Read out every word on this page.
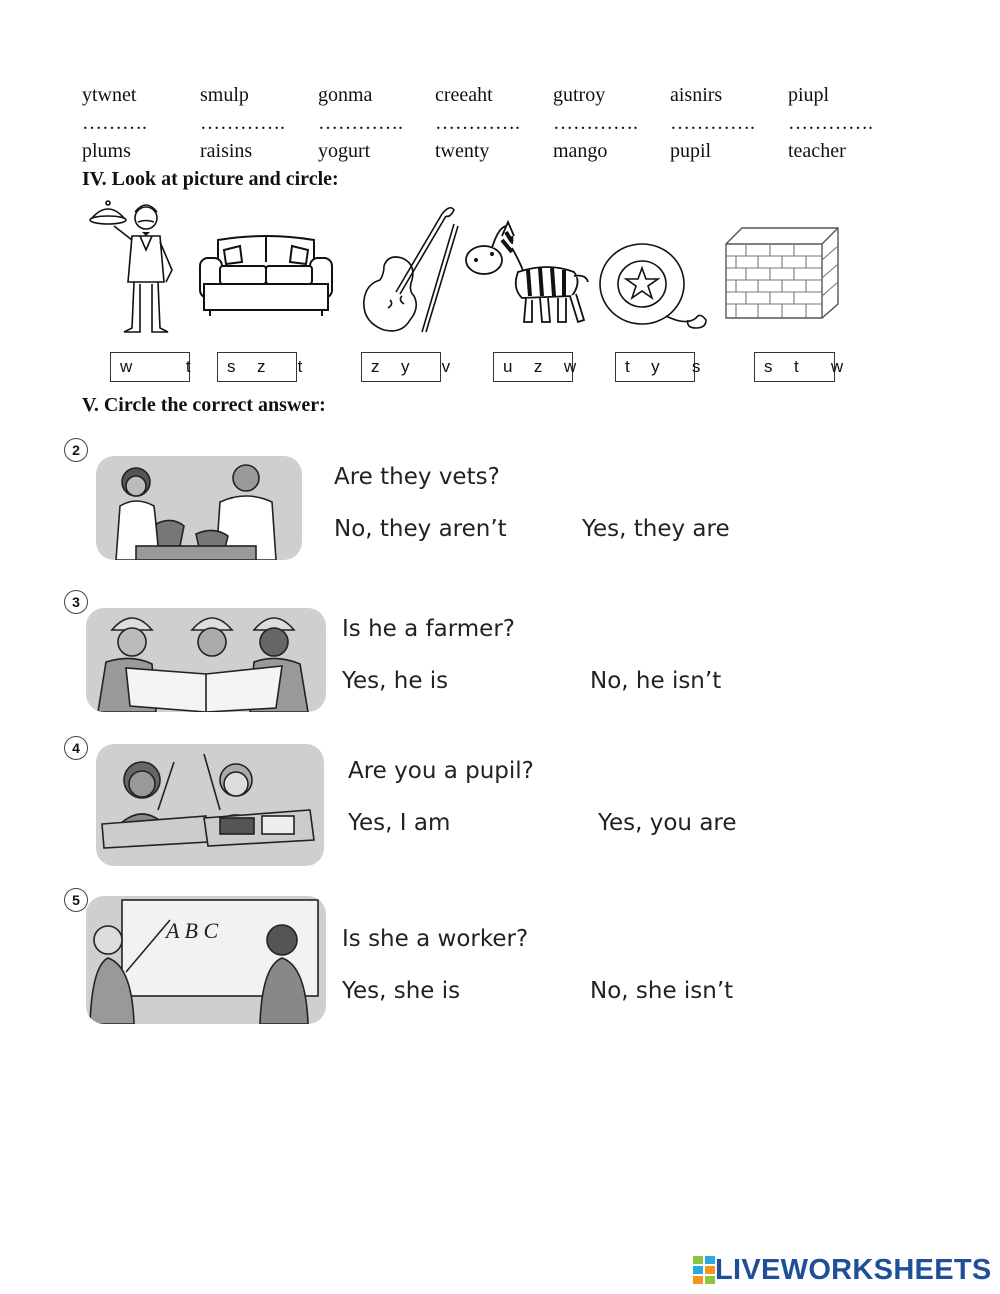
ytwnet	smulp	gonma	creeaht	gutroy	aisnirs	piupl
……….	…………. …………. …………. …………. …………. ………….
plums	raisins	yogurt	twenty	mango	pupil	teacher
IV. Look at picture and circle:
w     t	s  z   t	z  y   v	u  z  w	t  y   s	s  t   w
V. Circle the correct answer:
2
Are they vets?
No, they aren’t	Yes, they are
3
Is he a farmer?
Yes, he is	No, he isn’t
4
Are you a pupil?
Yes, I am	Yes, you are
5
A B C	Is she a worker?
Yes, she is	No, she isn’t
LIVEWORKSHEETS
